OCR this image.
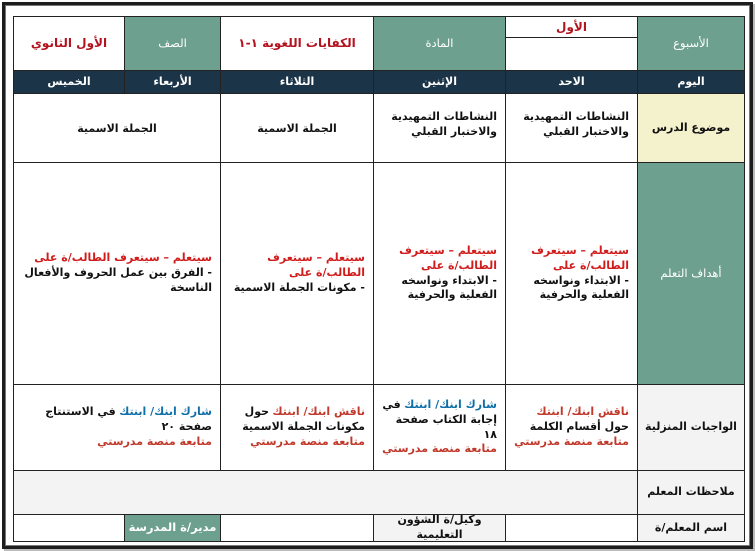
الأسبوع
الأول
المادة
الكفايات اللغوية ١-١
الصف
الأول الثانوي
اليوم
الاحد
الإثنين
الثلاثاء
الأربعاء
الخميس
موضوع الدرس
النشاطات التمهيدية والاختبار القبلي
النشاطات التمهيدية والاختبار القبلي
الجملة الاسمية
الجملة الاسمية
أهداف التعلم
سيتعلم – سيتعرف الطالب/ة على
- الابتداء ونواسخه الفعلية والحرفية
سيتعلم – سيتعرف الطالب/ة على
- الابتداء ونواسخه الفعلية والحرفية
سيتعلم – سيتعرف الطالب/ة على
- مكونات الجملة الاسمية
سيتعلم – سيتعرف الطالب/ة على
- الفرق بين عمل الحروف والأفعال الناسخة
الواجبات المنزلية
ناقش ابنك/ ابنتك حول أقسام الكلمة
متابعة منصة مدرستي
شارك ابنك/ ابنتك في إجابة الكتاب صفحة ١٨
متابعة منصة مدرستي
ناقش ابنك/ ابنتك حول مكونات الجملة الاسمية
متابعة منصة مدرستي
شارك ابنك/ ابنتك في الاستنتاج صفحة ٢٠
متابعة منصة مدرستي
ملاحظات المعلم
اسم المعلم/ة
وكيل/ة الشؤون التعليمية
مدير/ة المدرسة
